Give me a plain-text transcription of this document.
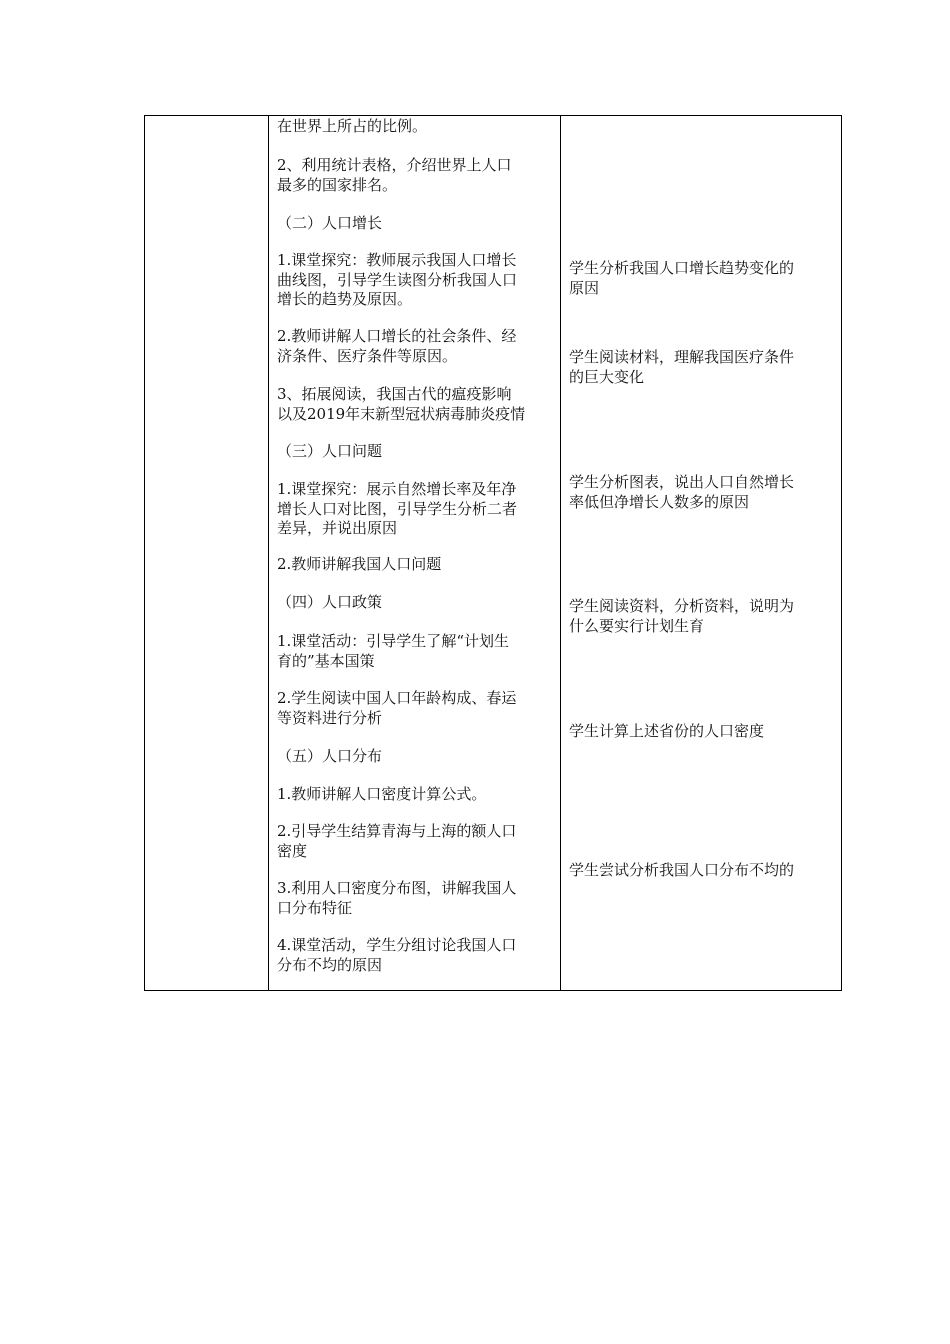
在世界上所占的比例。
2、利用统计表格，介绍世界上人口
最多的国家排名。
（二）人口增长
1.课堂探究：教师展示我国人口增长
曲线图，引导学生读图分析我国人口
增长的趋势及原因。
2.教师讲解人口增长的社会条件、经
济条件、医疗条件等原因。
3、拓展阅读，我国古代的瘟疫影响
以及2019年末新型冠状病毒肺炎疫情
（三）人口问题
1.课堂探究：展示自然增长率及年净
增长人口对比图，引导学生分析二者
差异，并说出原因
2.教师讲解我国人口问题
（四）人口政策
1.课堂活动：引导学生了解“计划生
育的”基本国策
2.学生阅读中国人口年龄构成、春运
等资料进行分析
（五）人口分布
1.教师讲解人口密度计算公式。
2.引导学生结算青海与上海的额人口
密度
3.利用人口密度分布图，讲解我国人
口分布特征
4.课堂活动，学生分组讨论我国人口
分布不均的原因
学生分析我国人口增长趋势变化的
原因
学生阅读材料，理解我国医疗条件
的巨大变化
学生分析图表，说出人口自然增长
率低但净增长人数多的原因
学生阅读资料，分析资料，说明为
什么要实行计划生育
学生计算上述省份的人口密度
学生尝试分析我国人口分布不均的
